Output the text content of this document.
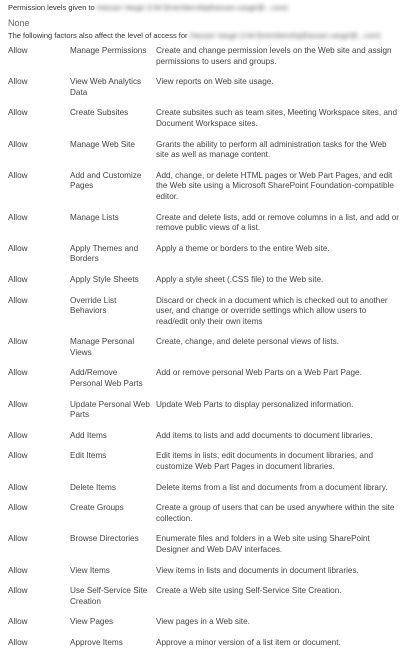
Permission levels given to Hassan Vasgir (i:0#.f|membership|hassan.vasgir@...com)
None
The following factors also affect the level of access for Hassan Vasgir (i:0#.f|membership|hassan.vasgir@...com)
Allow	Manage Permissions	Create and change permission levels on the Web site and assign permissions to users and groups.
Allow	View Web Analytics Data	View reports on Web site usage.
Allow	Create Subsites	Create subsites such as team sites, Meeting Workspace sites, and Document Workspace sites.
Allow	Manage Web Site	Grants the ability to perform all administration tasks for the Web site as well as manage content.
Allow	Add and Customize Pages	Add, change, or delete HTML pages or Web Part Pages, and edit the Web site using a Microsoft SharePoint Foundation-compatible editor.
Allow	Manage Lists	Create and delete lists, add or remove columns in a list, and add or remove public views of a list.
Allow	Apply Themes and Borders	Apply a theme or borders to the entire Web site.
Allow	Apply Style Sheets	Apply a style sheet (.CSS file) to the Web site.
Allow	Override List Behaviors	Discard or check in a document which is checked out to another user, and change or override settings which allow users to read/edit only their own items
Allow	Manage Personal Views	Create, change, and delete personal views of lists.
Allow	Add/Remove Personal Web Parts	Add or remove personal Web Parts on a Web Part Page.
Allow	Update Personal Web Parts	Update Web Parts to display personalized information.
Allow	Add Items	Add items to lists and add documents to document libraries.
Allow	Edit Items	Edit items in lists, edit documents in document libraries, and customize Web Part Pages in document libraries.
Allow	Delete Items	Delete items from a list and documents from a document library.
Allow	Create Groups	Create a group of users that can be used anywhere within the site collection.
Allow	Browse Directories	Enumerate files and folders in a Web site using SharePoint Designer and Web DAV interfaces.
Allow	View Items	View items in lists and documents in document libraries.
Allow	Use Self-Service Site Creation	Create a Web site using Self-Service Site Creation.
Allow	View Pages	View pages in a Web site.
Allow	Approve Items	Approve a minor version of a list item or document.
